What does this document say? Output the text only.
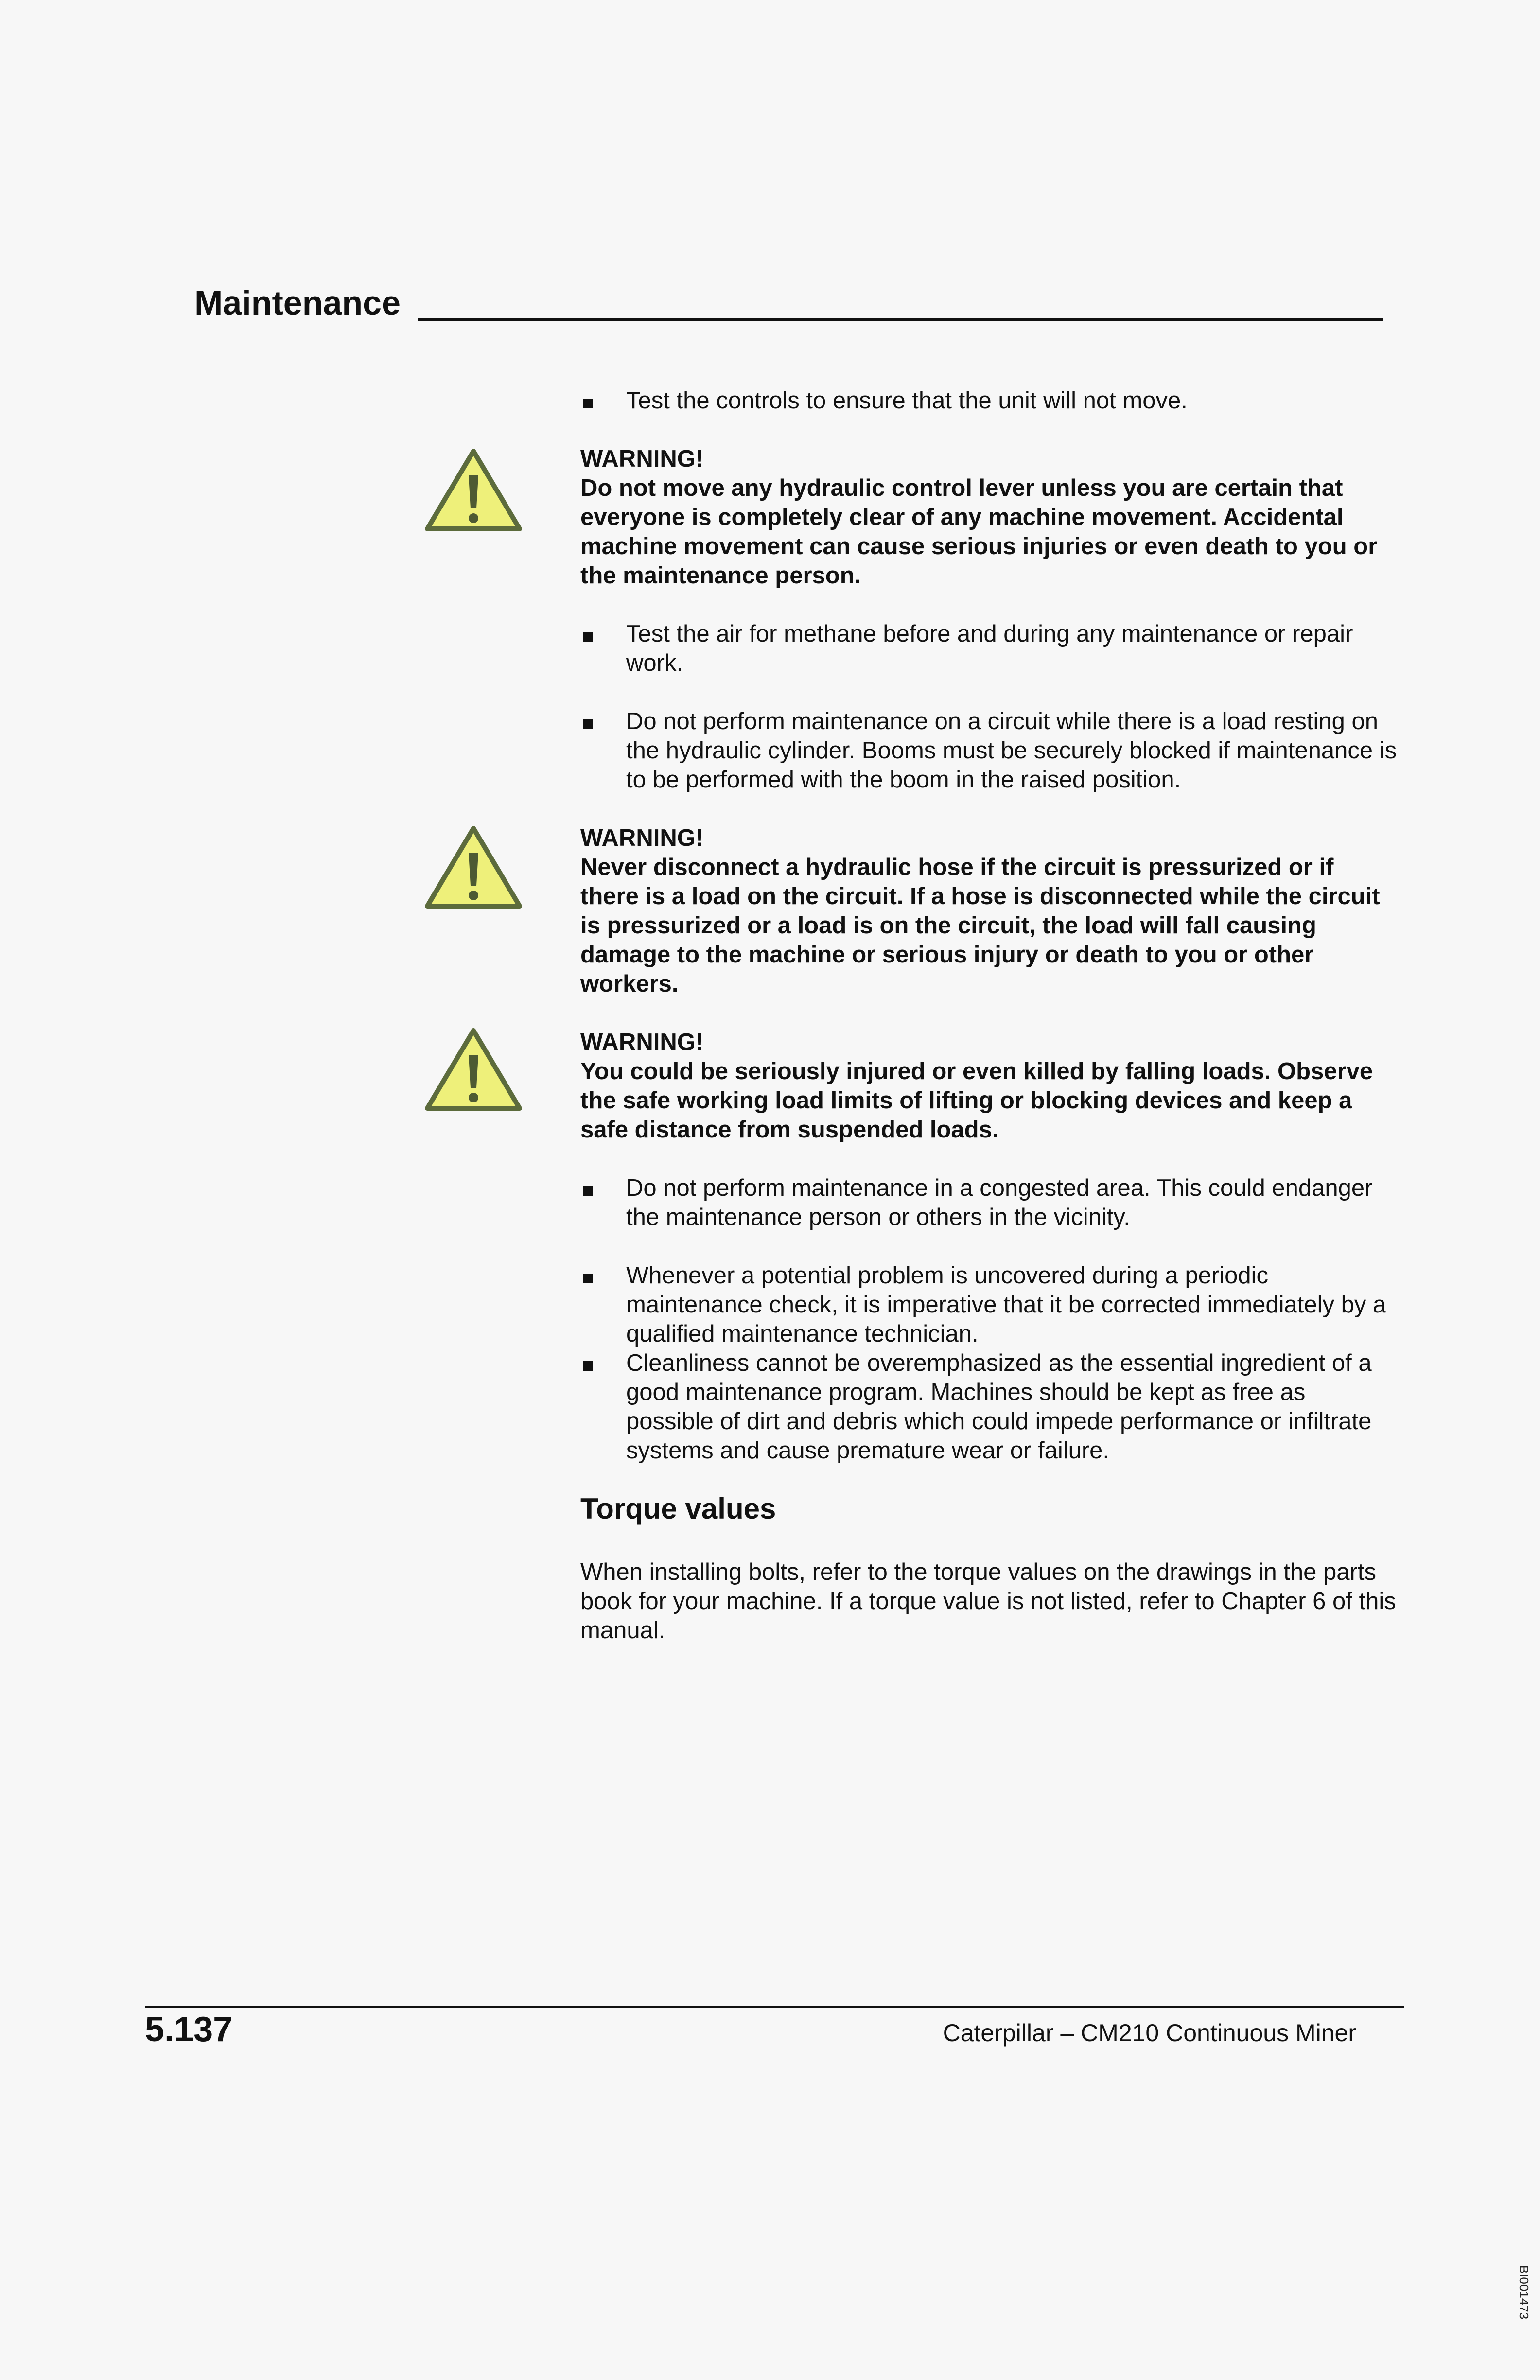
Maintenance
Test the controls to ensure that the unit will not move.
WARNING!
Do not move any hydraulic control lever unless you are certain that everyone is completely clear of any machine movement. Accidental machine movement can cause serious injuries or even death to you or the maintenance person.
Test the air for methane before and during any maintenance or repair work.
Do not perform maintenance on a circuit while there is a load resting on the hydraulic cylinder. Booms must be securely blocked if maintenance is to be performed with the boom in the raised position.
WARNING!
Never disconnect a hydraulic hose if the circuit is pressurized or if there is a load on the circuit. If a hose is disconnected while the circuit is pressurized or a load is on the circuit, the load will fall causing damage to the machine or serious injury or death to you or other workers.
WARNING!
You could be seriously injured or even killed by falling loads. Observe the safe working load limits of lifting or blocking devices and keep a safe distance from suspended loads.
Do not perform maintenance in a congested area. This could endanger the maintenance person or others in the vicinity.
Whenever a potential problem is uncovered during a periodic maintenance check, it is imperative that it be corrected immediately by a qualified maintenance technician.
Cleanliness cannot be overemphasized as the essential ingredient of a good maintenance program. Machines should be kept as free as possible of dirt and debris which could impede performance or infiltrate systems and cause premature wear or failure.
Torque values
When installing bolts, refer to the torque values on the drawings in the parts book for your machine. If a torque value is not listed, refer to Chapter 6 of this manual.
5.137	Caterpillar – CM210 Continuous Miner
BI001473
